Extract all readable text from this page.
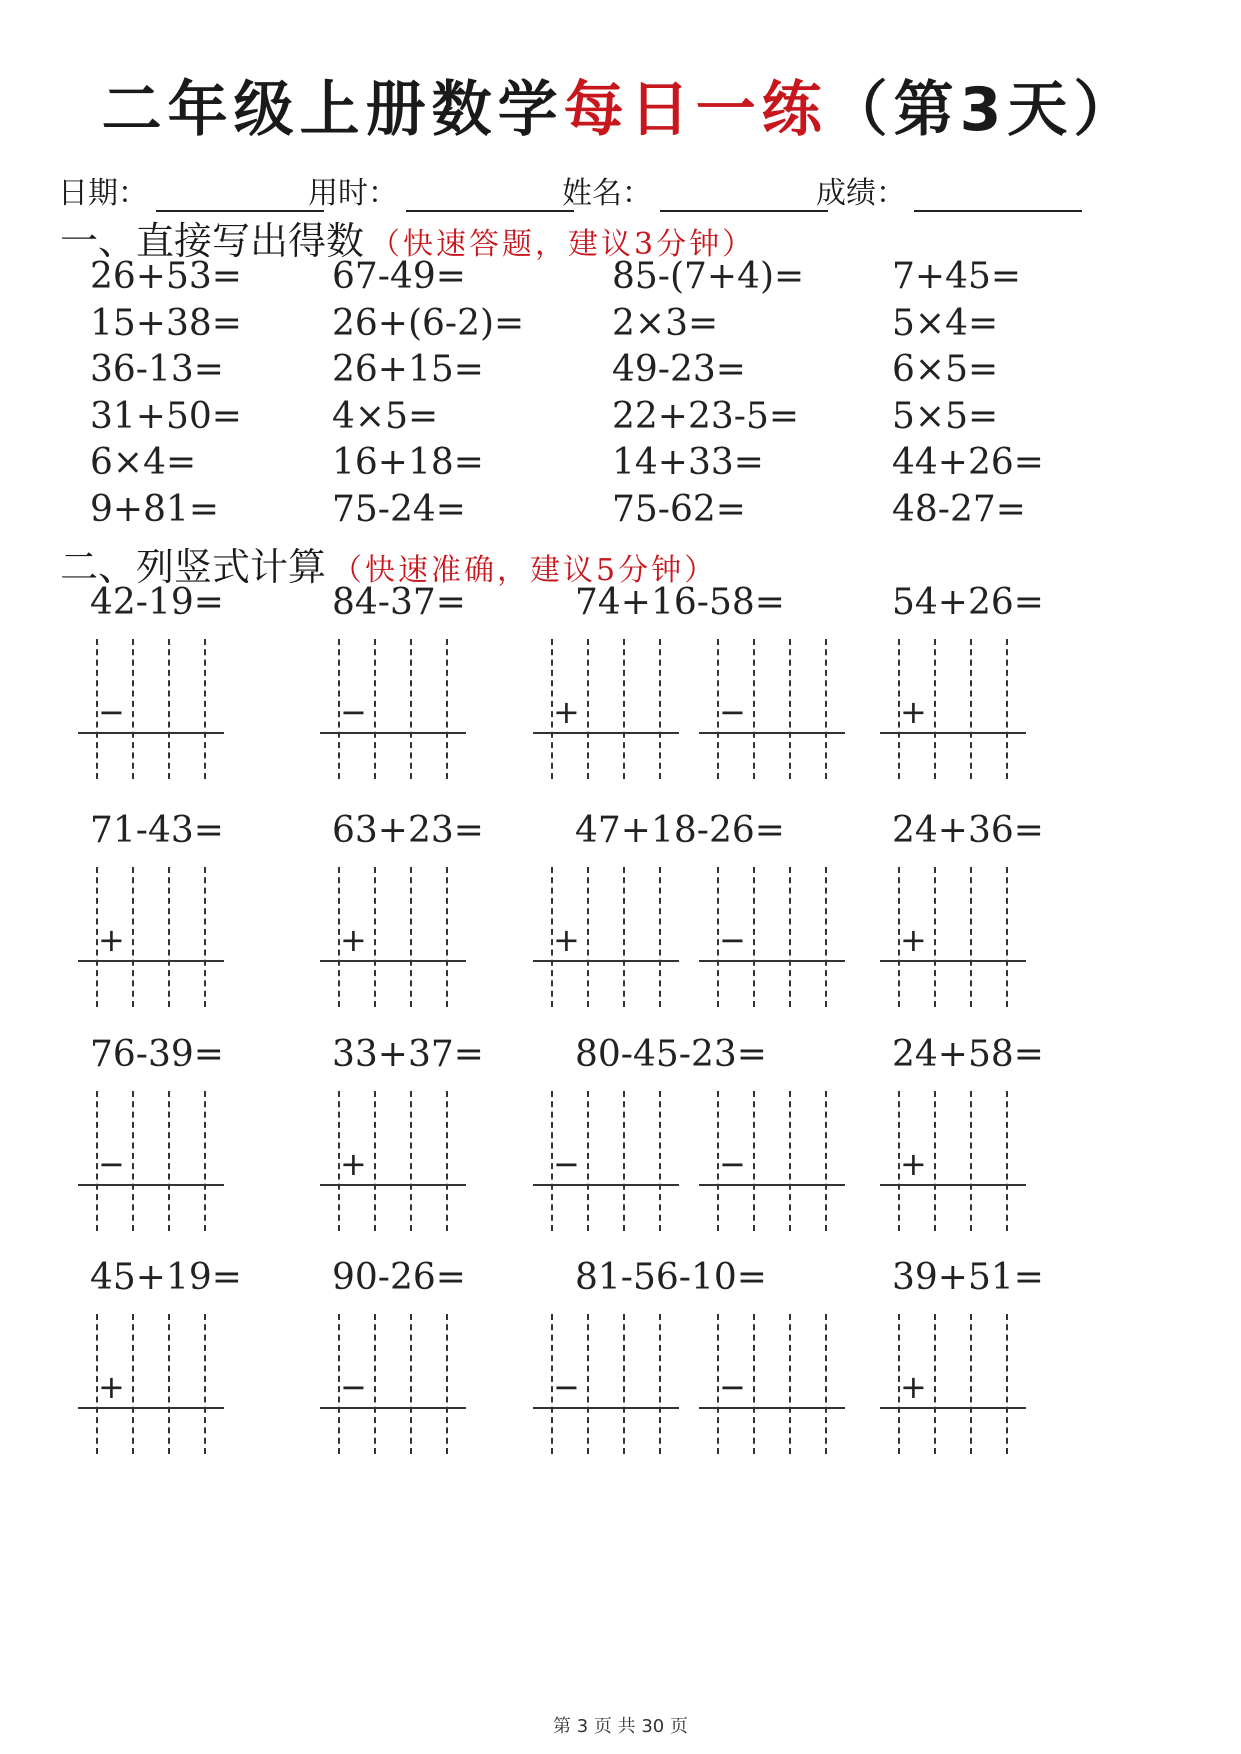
二年级上册数学每日一练（第3天）
日期：	用时：	姓名：	成绩：
一、直接写出得数 （快速答题，建议3分钟）
26+53=	67-49=	85-(7+4)= 7+45=
15+38=	26+(6-2)= 2×3=	5×4=
36-13=	26+15=	49-23=	6×5=
31+50=	4×5=	22+23-5=	5×5=
6×4=	16+18=	14+33=	44+26=
9+81=	75-24=	75-62=	48-27=
二、列竖式计算 （快速准确，建议5分钟）
42-19=
−
84-37=
−
74+16-58=
+	−
54+26=
+
71-43=
+
63+23=
+
47+18-26=
+	−
24+36=
+
76-39=
−
33+37=
+
80-45-23=
−	−
24+58=
+
45+19=
+
90-26=
−
81-56-10=
−	−
39+51=
+
第 3 页 共 30 页
